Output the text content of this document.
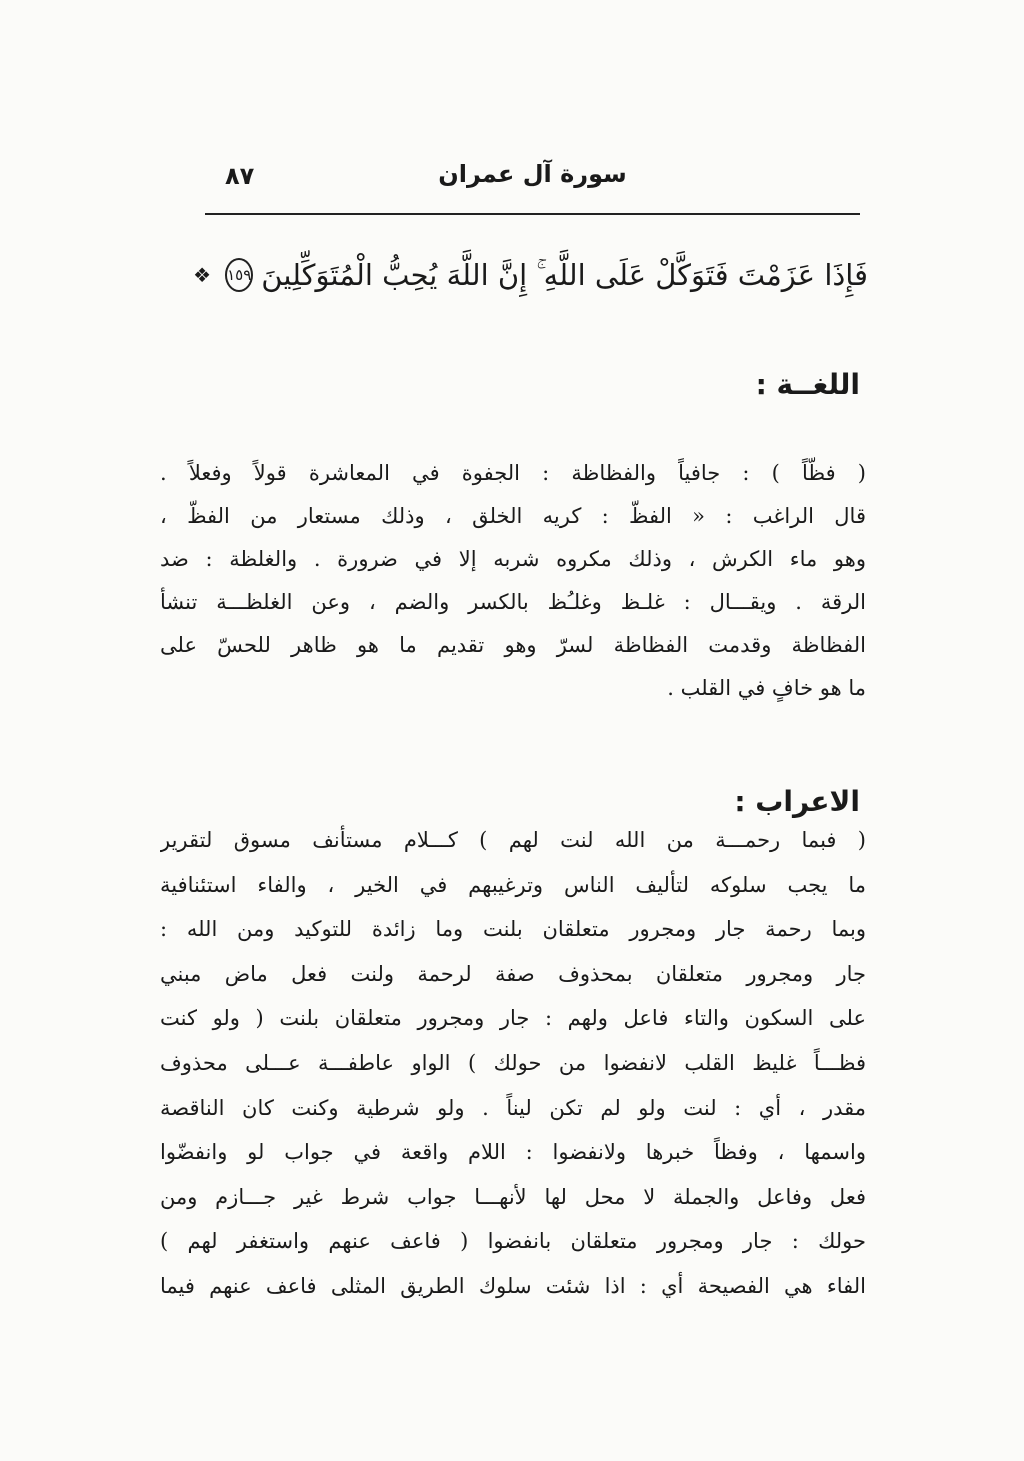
٨٧	سورة آل عمران
فَإِذَا عَزَمْتَ فَتَوَكَّلْ عَلَى اللَّهِ ۚ إِنَّ اللَّهَ يُحِبُّ الْمُتَوَكِّلِينَ
١٥٩
❖
اللغــة :
( فظّاً ) : جافياً والفظاظة : الجفوة في المعاشرة قولاً وفعلاً .
قال الراغب : « الفظّ : كريه الخلق ، وذلك مستعار من الفظّ ،
وهو ماء الكرش ، وذلك مكروه شربه إلا في ضرورة . والغلظة : ضد
الرقة . ويقـــال : غلـظ وغلـُظ بالكسر والضم ، وعن الغلظـــة تنشأ
الفظاظة وقدمت الفظاظة لسرّ وهو تقديم ما هو ظاهر للحسّ على
ما هو خافٍ في القلب .
الاعراب :
( فبما رحمـــة من الله لنت لهم ) كـــلام مستأنف مسوق لتقرير
ما يجب سلوكه لتأليف الناس وترغيبهم في الخير ، والفاء استئنافية
وبما رحمة جار ومجرور متعلقان بلنت وما زائدة للتوكيد ومن الله :
جار ومجرور متعلقان بمحذوف صفة لرحمة ولنت فعل ماض مبني
على السكون والتاء فاعل ولهم : جار ومجرور متعلقان بلنت ( ولو كنت
فظـــاً غليظ القلب لانفضوا من حولك ) الواو عاطفـــة عـــلى محذوف
مقدر ، أي : لنت ولو لم تكن ليناً . ولو شرطية وكنت كان الناقصة
واسمها ، وفظاً خبرها ولانفضوا : اللام واقعة في جواب لو وانفضّوا
فعل وفاعل والجملة لا محل لها لأنهـــا جواب شرط غير جـــازم ومن
حولك : جار ومجرور متعلقان بانفضوا ( فاعف عنهم واستغفر لهم )
الفاء هي الفصيحة أي : اذا شئت سلوك الطريق المثلى فاعف عنهم فيما
